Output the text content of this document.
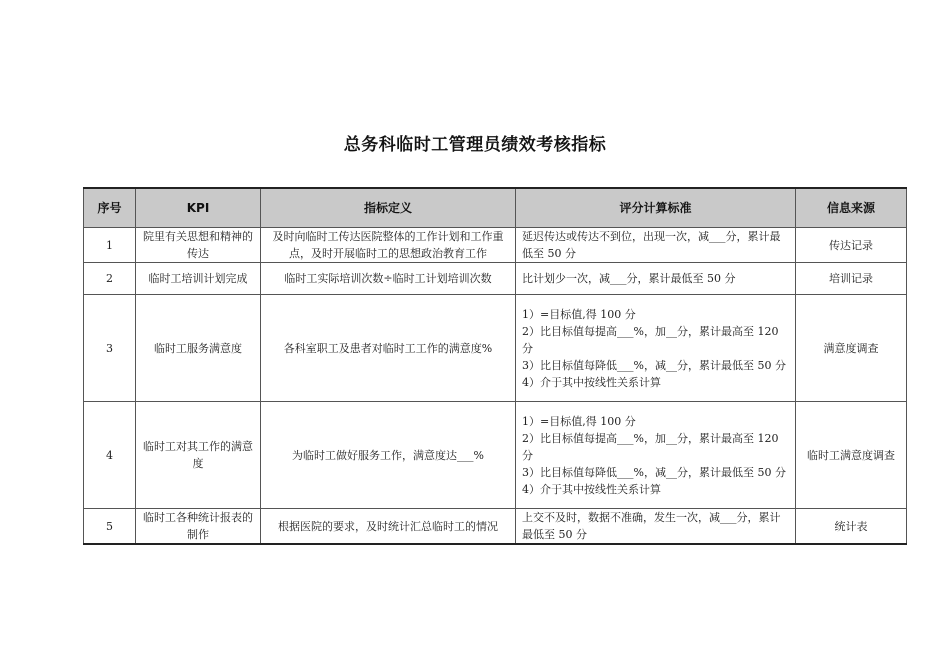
总务科临时工管理员绩效考核指标
序号	KPI	指标定义	评分计算标准	信息来源
1	院里有关思想和精神的传达	及时向临时工传达医院整体的工作计划和工作重点，及时开展临时工的思想政治教育工作	延迟传达或传达不到位，出现一次，减___分，累计最低至 50 分	传达记录
2	临时工培训计划完成	临时工实际培训次数÷临时工计划培训次数	比计划少一次，减___分，累计最低至 50 分	培训记录
3	临时工服务满意度	各科室职工及患者对临时工工作的满意度%	1）=目标值,得 100 分
2）比目标值每提高___%，加__分，累计最高至 120 分
3）比目标值每降低___%，减__分，累计最低至 50 分
4）介于其中按线性关系计算	满意度调查
4	临时工对其工作的满意度	为临时工做好服务工作，满意度达___%	1）=目标值,得 100 分
2）比目标值每提高___%，加__分，累计最高至 120 分
3）比目标值每降低___%，减__分，累计最低至 50 分
4）介于其中按线性关系计算	临时工满意度调查
5	临时工各种统计报表的制作	根据医院的要求，及时统计汇总临时工的情况	上交不及时，数据不准确，发生一次，减___分，累计最低至 50 分	统计表
